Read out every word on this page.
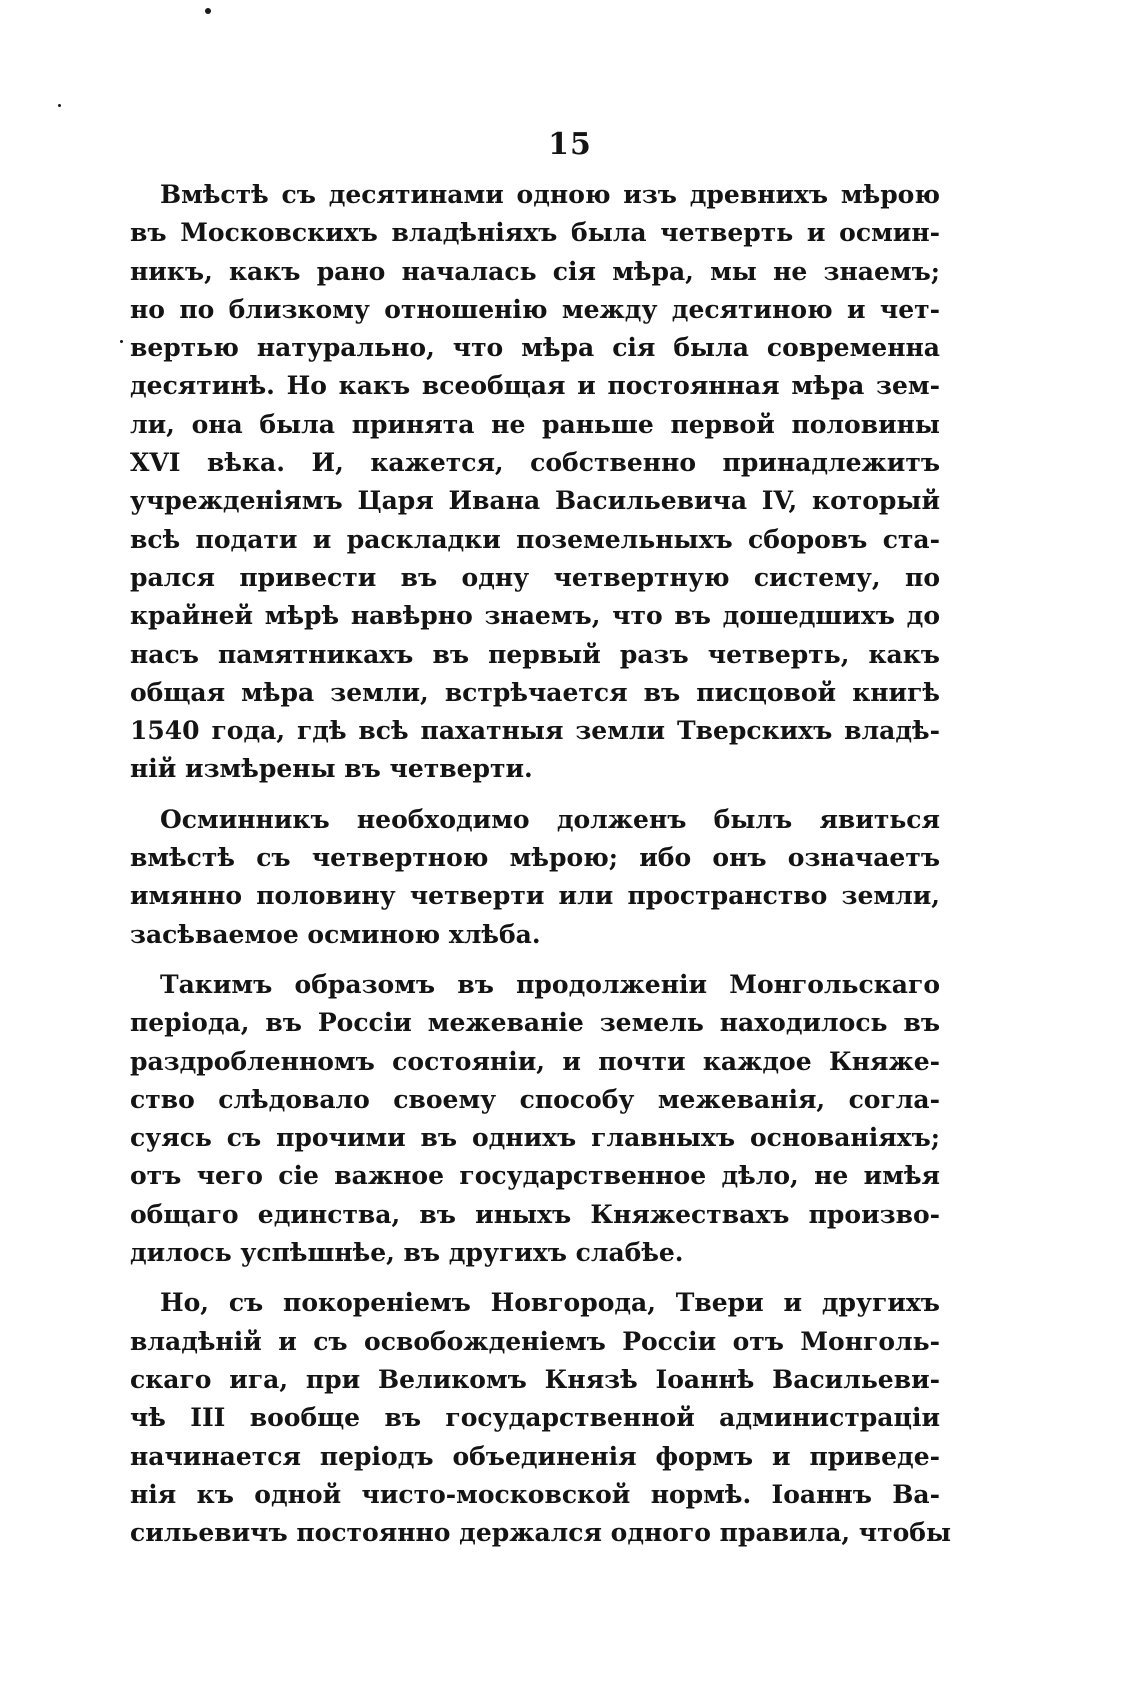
15
Вмѣстѣ съ десятинами одною изъ древнихъ мѣрою
въ Московскихъ владѣніяхъ была четверть и осмин-
никъ, какъ рано началась сія мѣра, мы не знаемъ;
но по близкому отношенію между десятиною и чет-
вертью натурально, что мѣра сія была современна
десятинѣ. Но какъ всеобщая и постоянная мѣра зем-
ли, она была принята не раньше первой половины
XVI вѣка. И, кажется, собственно принадлежитъ
учрежденіямъ Царя Ивана Васильевича IV, который
всѣ подати и раскладки поземельныхъ сборовъ ста-
рался привести въ одну четвертную систему, по
крайней мѣрѣ навѣрно знаемъ, что въ дошедшихъ до
насъ памятникахъ въ первый разъ четверть, какъ
общая мѣра земли, встрѣчается въ писцовой книгѣ
1540 года, гдѣ всѣ пахатныя земли Тверскихъ владѣ-
ній измѣрены въ четверти.
Осминникъ необходимо долженъ былъ явиться
вмѣстѣ съ четвертною мѣрою; ибо онъ означаетъ
имянно половину четверти или пространство земли,
засѣваемое осминою хлѣба.
Такимъ образомъ въ продолженіи Монгольскаго
періода, въ Россіи межеваніе земель находилось въ
раздробленномъ состояніи, и почти каждое Княже-
ство слѣдовало своему способу межеванія, согла-
суясь съ прочими въ однихъ главныхъ основаніяхъ;
отъ чего сіе важное государственное дѣло, не имѣя
общаго единства, въ иныхъ Княжествахъ произво-
дилось успѣшнѣе, въ другихъ слабѣе.
Но, съ покореніемъ Новгорода, Твери и другихъ
владѣній и съ освобожденіемъ Россіи отъ Монголь-
скаго ига, при Великомъ Князѣ Іоаннѣ Васильеви-
чѣ III вообще въ государственной администраціи
начинается періодъ объединенія формъ и приведе-
нія къ одной чисто-московской нормѣ. Іоаннъ Ва-
сильевичъ постоянно держался одного правила, чтобы
